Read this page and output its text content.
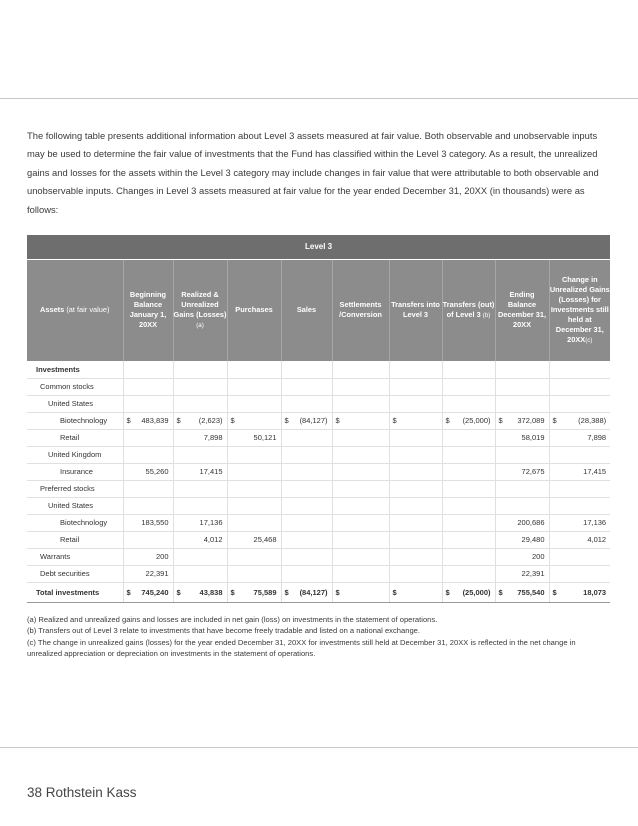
The following table presents additional information about Level 3 assets measured at fair value. Both observable and unobservable inputs may be used to determine the fair value of investments that the Fund has classified within the Level 3 category. As a result, the unrealized gains and losses for the assets within the Level 3 category may include changes in fair value that were attributable to both observable and unobservable inputs. Changes in Level 3 assets measured at fair value for the year ended December 31, 20XX (in thousands) were as follows:

Level 3									
Assets (at fair value)	Beginning Balance January 1, 20XX	Realized & Unrealized Gains (Losses)(a)	Purchases	Sales	Settlements /Conversion	Transfers into Level 3	Transfers (out) of Level 3 (b)	Ending Balance December 31, 20XX	Change in Unrealized Gains (Losses) for Investments still held at December 31, 20XX(c)
Investments									
Common stocks									
United States									
Biotechnology	$ 483,839	$ (2,623)	$	$ (84,127)	$	$	$ (25,000)	$ 372,089	$ (28,388)

Retail		7,898	50,121					58,019	7,898
United Kingdom									
Insurance	55,260	17,415						72,675	17,415
Preferred stocks									
United States									
Biotechnology	183,550	17,136						200,686	17,136
Retail		4,012	25,468					29,480	4,012
Warrants	200							200	
Debt securities	22,391							22,391	
Total investments	$ 745,240	$ 43,838	$ 75,589	$ (84,127)	$	$	$ (25,000)	$ 755,540	$ 18,073

(a) Realized and unrealized gains and losses are included in net gain (loss) on investments in the statement of operations.

(b) Transfers out of Level 3 relate to investments that have become freely tradable and listed on a national exchange.

(c) The change in unrealized gains (losses) for the year ended December 31, 20XX for investments still held at December 31, 20XX is reflected in the net change in unrealized appreciation or depreciation on investments in the statement of operations.

38 Rothstein Kass
